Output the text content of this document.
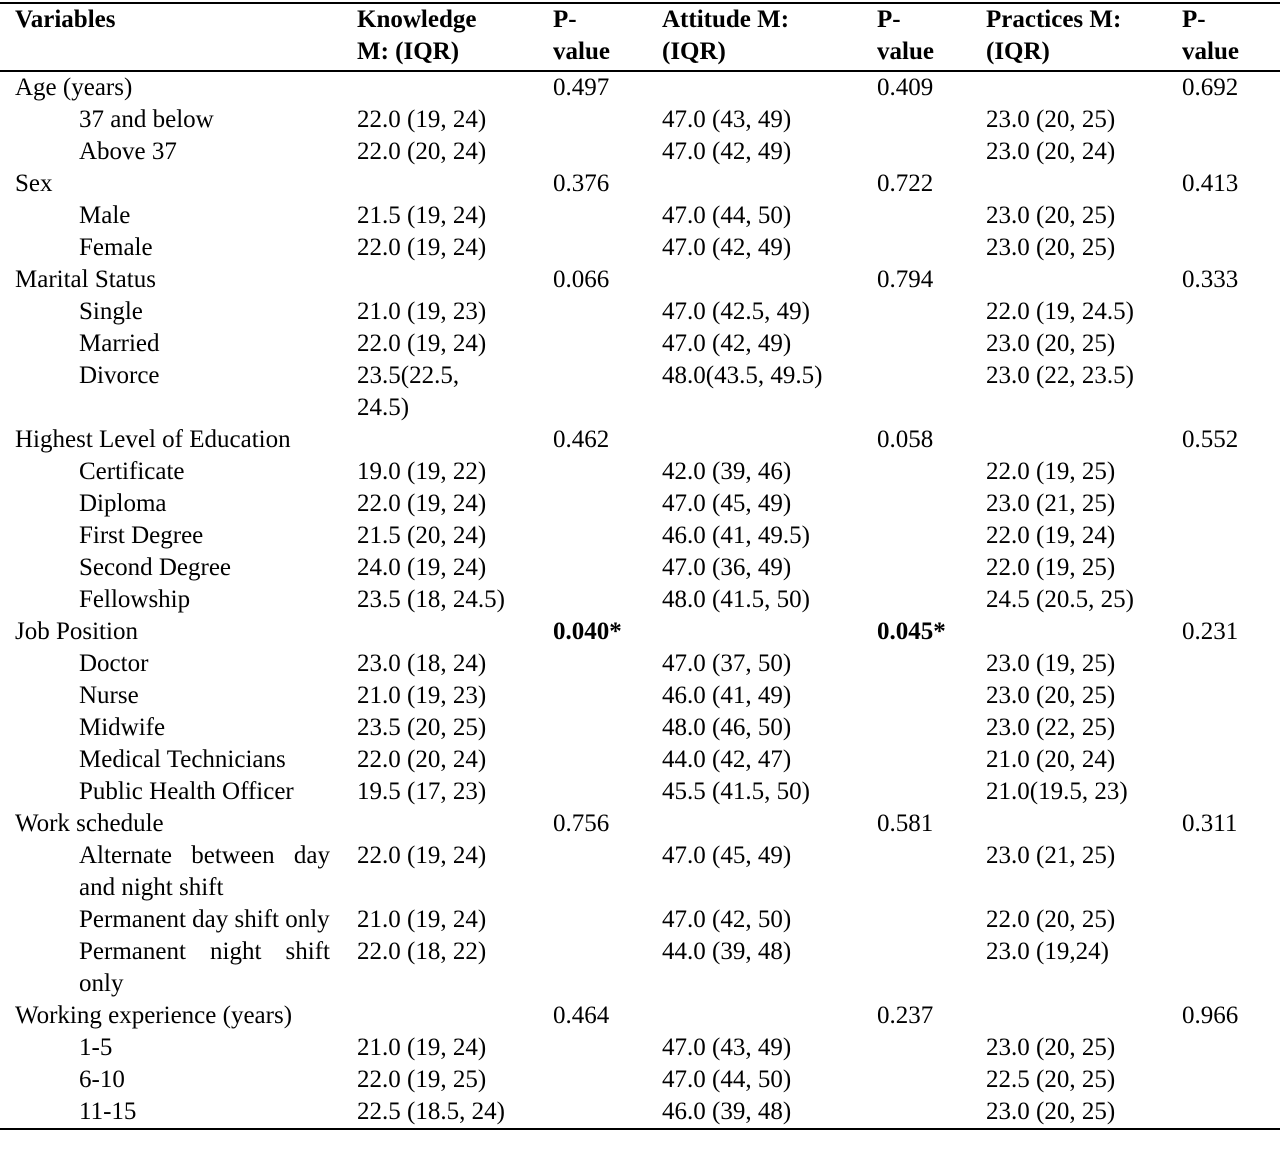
Variables	Knowledge M: (IQR)	P-value	Attitude M: (IQR)	P-value	Practices M: (IQR)	P-value
Age (years)		0.497		0.409		0.692
37 and below	22.0 (19, 24)		47.0 (43, 49)		23.0 (20, 25)	
Above 37	22.0 (20, 24)		47.0 (42, 49)		23.0 (20, 24)	
Sex		0.376		0.722		0.413
Male	21.5 (19, 24)		47.0 (44, 50)		23.0 (20, 25)	
Female	22.0 (19, 24)		47.0 (42, 49)		23.0 (20, 25)	
Marital Status		0.066		0.794		0.333
Single	21.0 (19, 23)		47.0 (42.5, 49)		22.0 (19, 24.5)	
Married	22.0 (19, 24)		47.0 (42, 49)		23.0 (20, 25)	
Divorce	23.5(22.5, 24.5)		48.0(43.5, 49.5)		23.0 (22, 23.5)	
Highest Level of Education		0.462		0.058		0.552
Certificate	19.0 (19, 22)		42.0 (39, 46)		22.0 (19, 25)	
Diploma	22.0 (19, 24)		47.0 (45, 49)		23.0 (21, 25)	
First Degree	21.5 (20, 24)		46.0 (41, 49.5)		22.0 (19, 24)	
Second Degree	24.0 (19, 24)		47.0 (36, 49)		22.0 (19, 25)	
Fellowship	23.5 (18, 24.5)		48.0 (41.5, 50)		24.5 (20.5, 25)	
Job Position		0.040*		0.045*		0.231
Doctor	23.0 (18, 24)		47.0 (37, 50)		23.0 (19, 25)	
Nurse	21.0 (19, 23)		46.0 (41, 49)		23.0 (20, 25)	
Midwife	23.5 (20, 25)		48.0 (46, 50)		23.0 (22, 25)	
Medical Technicians	22.0 (20, 24)		44.0 (42, 47)		21.0 (20, 24)	
Public Health Officer	19.5 (17, 23)		45.5 (41.5, 50)		21.0(19.5, 23)	
Work schedule		0.756		0.581		0.311
Alternate between day and night shift	22.0 (19, 24)		47.0 (45, 49)		23.0 (21, 25)	
Permanent day shift only	21.0 (19, 24)		47.0 (42, 50)		22.0 (20, 25)	
Permanent night shift only	22.0 (18, 22)		44.0 (39, 48)		23.0 (19,24)	
Working experience (years)		0.464		0.237		0.966
1-5	21.0 (19, 24)		47.0 (43, 49)		23.0 (20, 25)	
6-10	22.0 (19, 25)		47.0 (44, 50)		22.5 (20, 25)	
11-15	22.5 (18.5, 24)		46.0 (39, 48)		23.0 (20, 25)	
